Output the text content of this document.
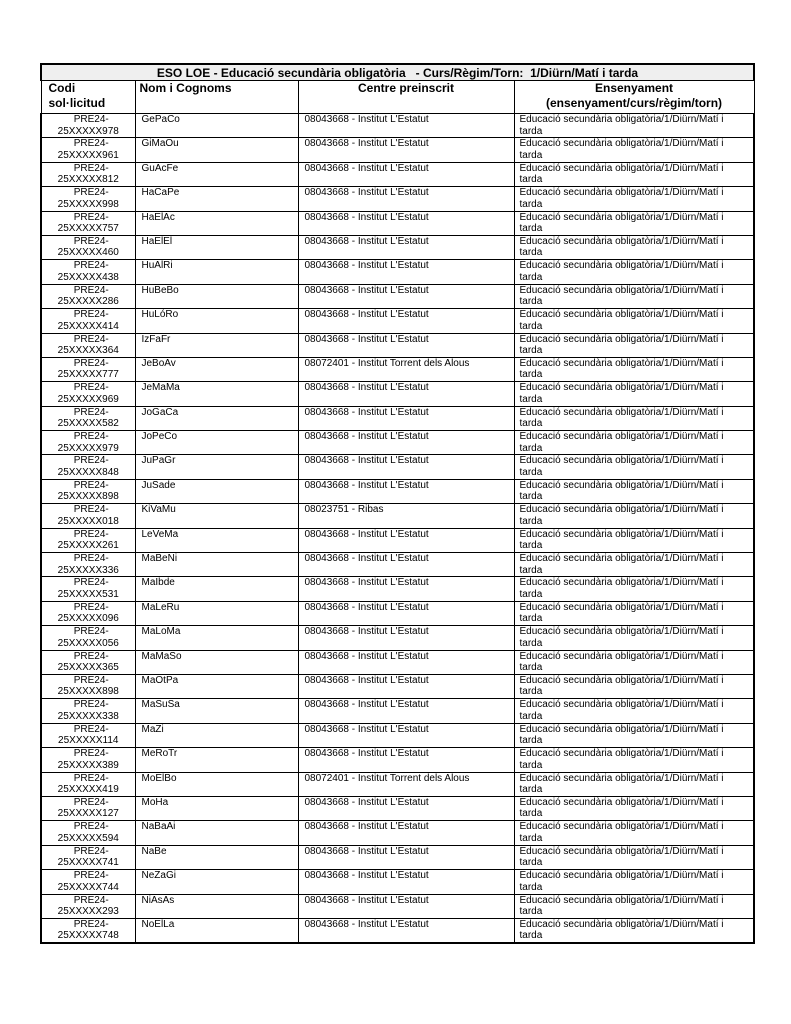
ESO LOE - Educació secundària obligatòria   - Curs/Règim/Torn:  1/Diürn/Matí i tarda			

Codi
sol·licitud	Nom i Cognoms	Centre preinscrit	Ensenyament
(ensenyament/curs/règim/torn)

PRE24-
25XXXXX978	GePaCo	08043668 - Institut L'Estatut	Educació secundària obligatòria/1/Diürn/Matí i
tarda

PRE24-
25XXXXX961	GiMaOu	08043668 - Institut L'Estatut	Educació secundària obligatòria/1/Diürn/Matí i
tarda

PRE24-
25XXXXX812	GuAcFe	08043668 - Institut L'Estatut	Educació secundària obligatòria/1/Diürn/Matí i
tarda

PRE24-
25XXXXX998	HaCaPe	08043668 - Institut L'Estatut	Educació secundària obligatòria/1/Diürn/Matí i
tarda

PRE24-
25XXXXX757	HaElAc	08043668 - Institut L'Estatut	Educació secundària obligatòria/1/Diürn/Matí i
tarda

PRE24-
25XXXXX460	HaElEl	08043668 - Institut L'Estatut	Educació secundària obligatòria/1/Diürn/Matí i
tarda

PRE24-
25XXXXX438	HuAlRi	08043668 - Institut L'Estatut	Educació secundària obligatòria/1/Diürn/Matí i
tarda

PRE24-
25XXXXX286	HuBeBo	08043668 - Institut L'Estatut	Educació secundària obligatòria/1/Diürn/Matí i
tarda

PRE24-
25XXXXX414	HuLóRo	08043668 - Institut L'Estatut	Educació secundària obligatòria/1/Diürn/Matí i
tarda

PRE24-
25XXXXX364	IzFaFr	08043668 - Institut L'Estatut	Educació secundària obligatòria/1/Diürn/Matí i
tarda

PRE24-
25XXXXX777	JeBoAv	08072401 - Institut Torrent dels Alous	Educació secundària obligatòria/1/Diürn/Matí i
tarda

PRE24-
25XXXXX969	JeMaMa	08043668 - Institut L'Estatut	Educació secundària obligatòria/1/Diürn/Matí i
tarda

PRE24-
25XXXXX582	JoGaCa	08043668 - Institut L'Estatut	Educació secundària obligatòria/1/Diürn/Matí i
tarda

PRE24-
25XXXXX979	JoPeCo	08043668 - Institut L'Estatut	Educació secundària obligatòria/1/Diürn/Matí i
tarda

PRE24-
25XXXXX848	JuPaGr	08043668 - Institut L'Estatut	Educació secundària obligatòria/1/Diürn/Matí i
tarda

PRE24-
25XXXXX898	JuSade	08043668 - Institut L'Estatut	Educació secundària obligatòria/1/Diürn/Matí i
tarda

PRE24-
25XXXXX018	KiVaMu	08023751 - Ribas	Educació secundària obligatòria/1/Diürn/Matí i
tarda

PRE24-
25XXXXX261	LeVeMa	08043668 - Institut L'Estatut	Educació secundària obligatòria/1/Diürn/Matí i
tarda

PRE24-
25XXXXX336	MaBeNi	08043668 - Institut L'Estatut	Educació secundària obligatòria/1/Diürn/Matí i
tarda

PRE24-
25XXXXX531	MaIbde	08043668 - Institut L'Estatut	Educació secundària obligatòria/1/Diürn/Matí i
tarda

PRE24-
25XXXXX096	MaLeRu	08043668 - Institut L'Estatut	Educació secundària obligatòria/1/Diürn/Matí i
tarda

PRE24-
25XXXXX056	MaLoMa	08043668 - Institut L'Estatut	Educació secundària obligatòria/1/Diürn/Matí i
tarda

PRE24-
25XXXXX365	MaMaSo	08043668 - Institut L'Estatut	Educació secundària obligatòria/1/Diürn/Matí i
tarda

PRE24-
25XXXXX898	MaOtPa	08043668 - Institut L'Estatut	Educació secundària obligatòria/1/Diürn/Matí i
tarda

PRE24-
25XXXXX338	MaSuSa	08043668 - Institut L'Estatut	Educació secundària obligatòria/1/Diürn/Matí i
tarda

PRE24-
25XXXXX114	MaZi	08043668 - Institut L'Estatut	Educació secundària obligatòria/1/Diürn/Matí i
tarda

PRE24-
25XXXXX389	MeRoTr	08043668 - Institut L'Estatut	Educació secundària obligatòria/1/Diürn/Matí i
tarda

PRE24-
25XXXXX419	MoElBo	08072401 - Institut Torrent dels Alous	Educació secundària obligatòria/1/Diürn/Matí i
tarda

PRE24-
25XXXXX127	MoHa	08043668 - Institut L'Estatut	Educació secundària obligatòria/1/Diürn/Matí i
tarda

PRE24-
25XXXXX594	NaBaAi	08043668 - Institut L'Estatut	Educació secundària obligatòria/1/Diürn/Matí i
tarda

PRE24-
25XXXXX741	NaBe	08043668 - Institut L'Estatut	Educació secundària obligatòria/1/Diürn/Matí i
tarda

PRE24-
25XXXXX744	NeZaGi	08043668 - Institut L'Estatut	Educació secundària obligatòria/1/Diürn/Matí i
tarda

PRE24-
25XXXXX293	NiAsAs	08043668 - Institut L'Estatut	Educació secundària obligatòria/1/Diürn/Matí i
tarda

PRE24-
25XXXXX748	NoElLa	08043668 - Institut L'Estatut	Educació secundària obligatòria/1/Diürn/Matí i
tarda
